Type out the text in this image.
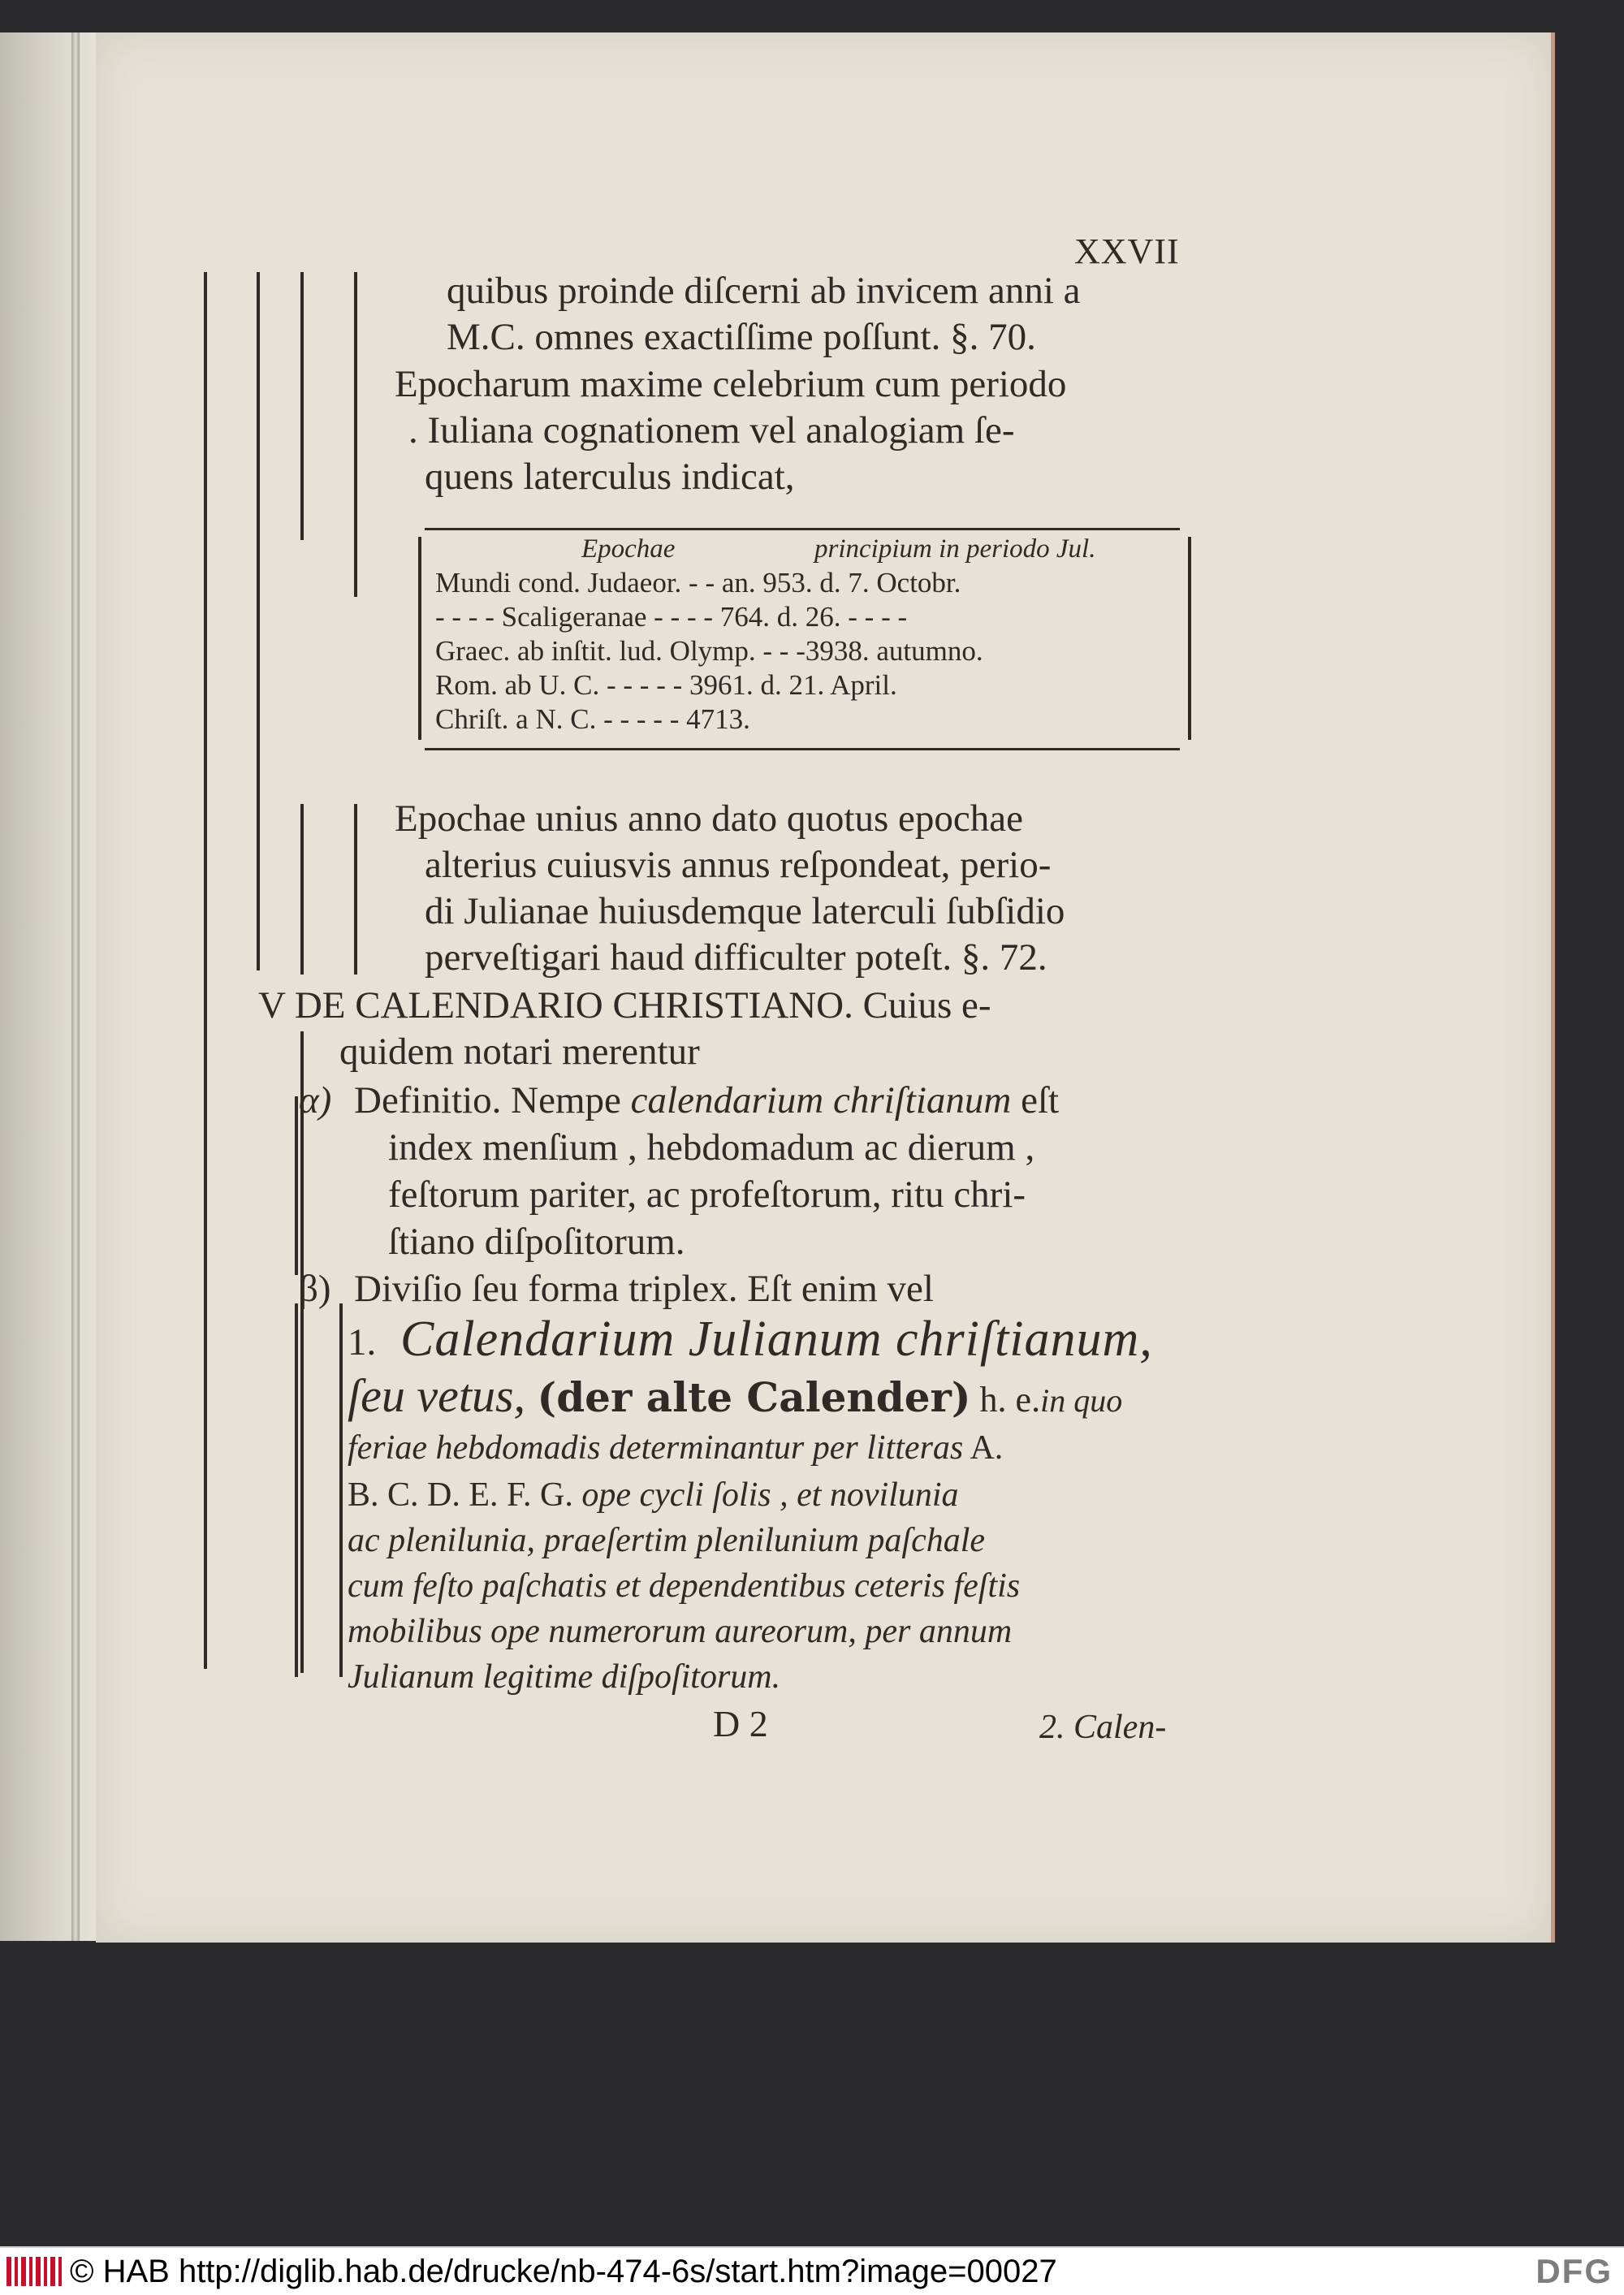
XXVII
quibus proinde diſcerni ab invicem anni a
M.C. omnes exactiſſime poſſunt. §. 70.
Epocharum maxime celebrium cum periodo
. Iuliana cognationem vel analogiam ſe-
quens laterculus indicat,
Epochae	principium in periodo Jul.
Mundi cond. Judaeor. - - an. 953. d. 7. Octobr.
- - - - Scaligeranae - - - - 764. d. 26. - - - -
Graec. ab inſtit. lud. Olymp. - - -3938. autumno.
Rom. ab U. C. - - - - - 3961. d. 21. April.
Chriſt. a N. C. - - - - - 4713.
Epochae unius anno dato quotus epochae
alterius cuiusvis annus reſpondeat, perio-
di Julianae huiusdemque laterculi ſubſidio
perveſtigari haud difficulter poteſt. §. 72.
V DE CALENDARIO CHRISTIANO. Cuius e-
quidem notari merentur
α) Definitio. Nempe calendarium chriſtianum eſt
index menſium , hebdomadum ac dierum ,
feſtorum pariter, ac profeſtorum, ritu chri-
ſtiano diſpoſitorum.
β) Diviſio ſeu forma triplex. Eſt enim vel
1. Calendarium Julianum chriſtianum,
ſeu vetus, (der alte Calender) h. e.in quo
feriae hebdomadis determinantur per litteras A.
B. C. D. E. F. G. ope cycli ſolis , et novilunia
ac plenilunia, praeſertim plenilunium paſchale
cum feſto paſchatis et dependentibus ceteris feſtis
mobilibus ope numerorum aureorum, per annum
Julianum legitime diſpoſitorum.
D 2	2. Calen-
© HAB http://diglib.hab.de/drucke/nb-474-6s/start.htm?image=00027	DFG
